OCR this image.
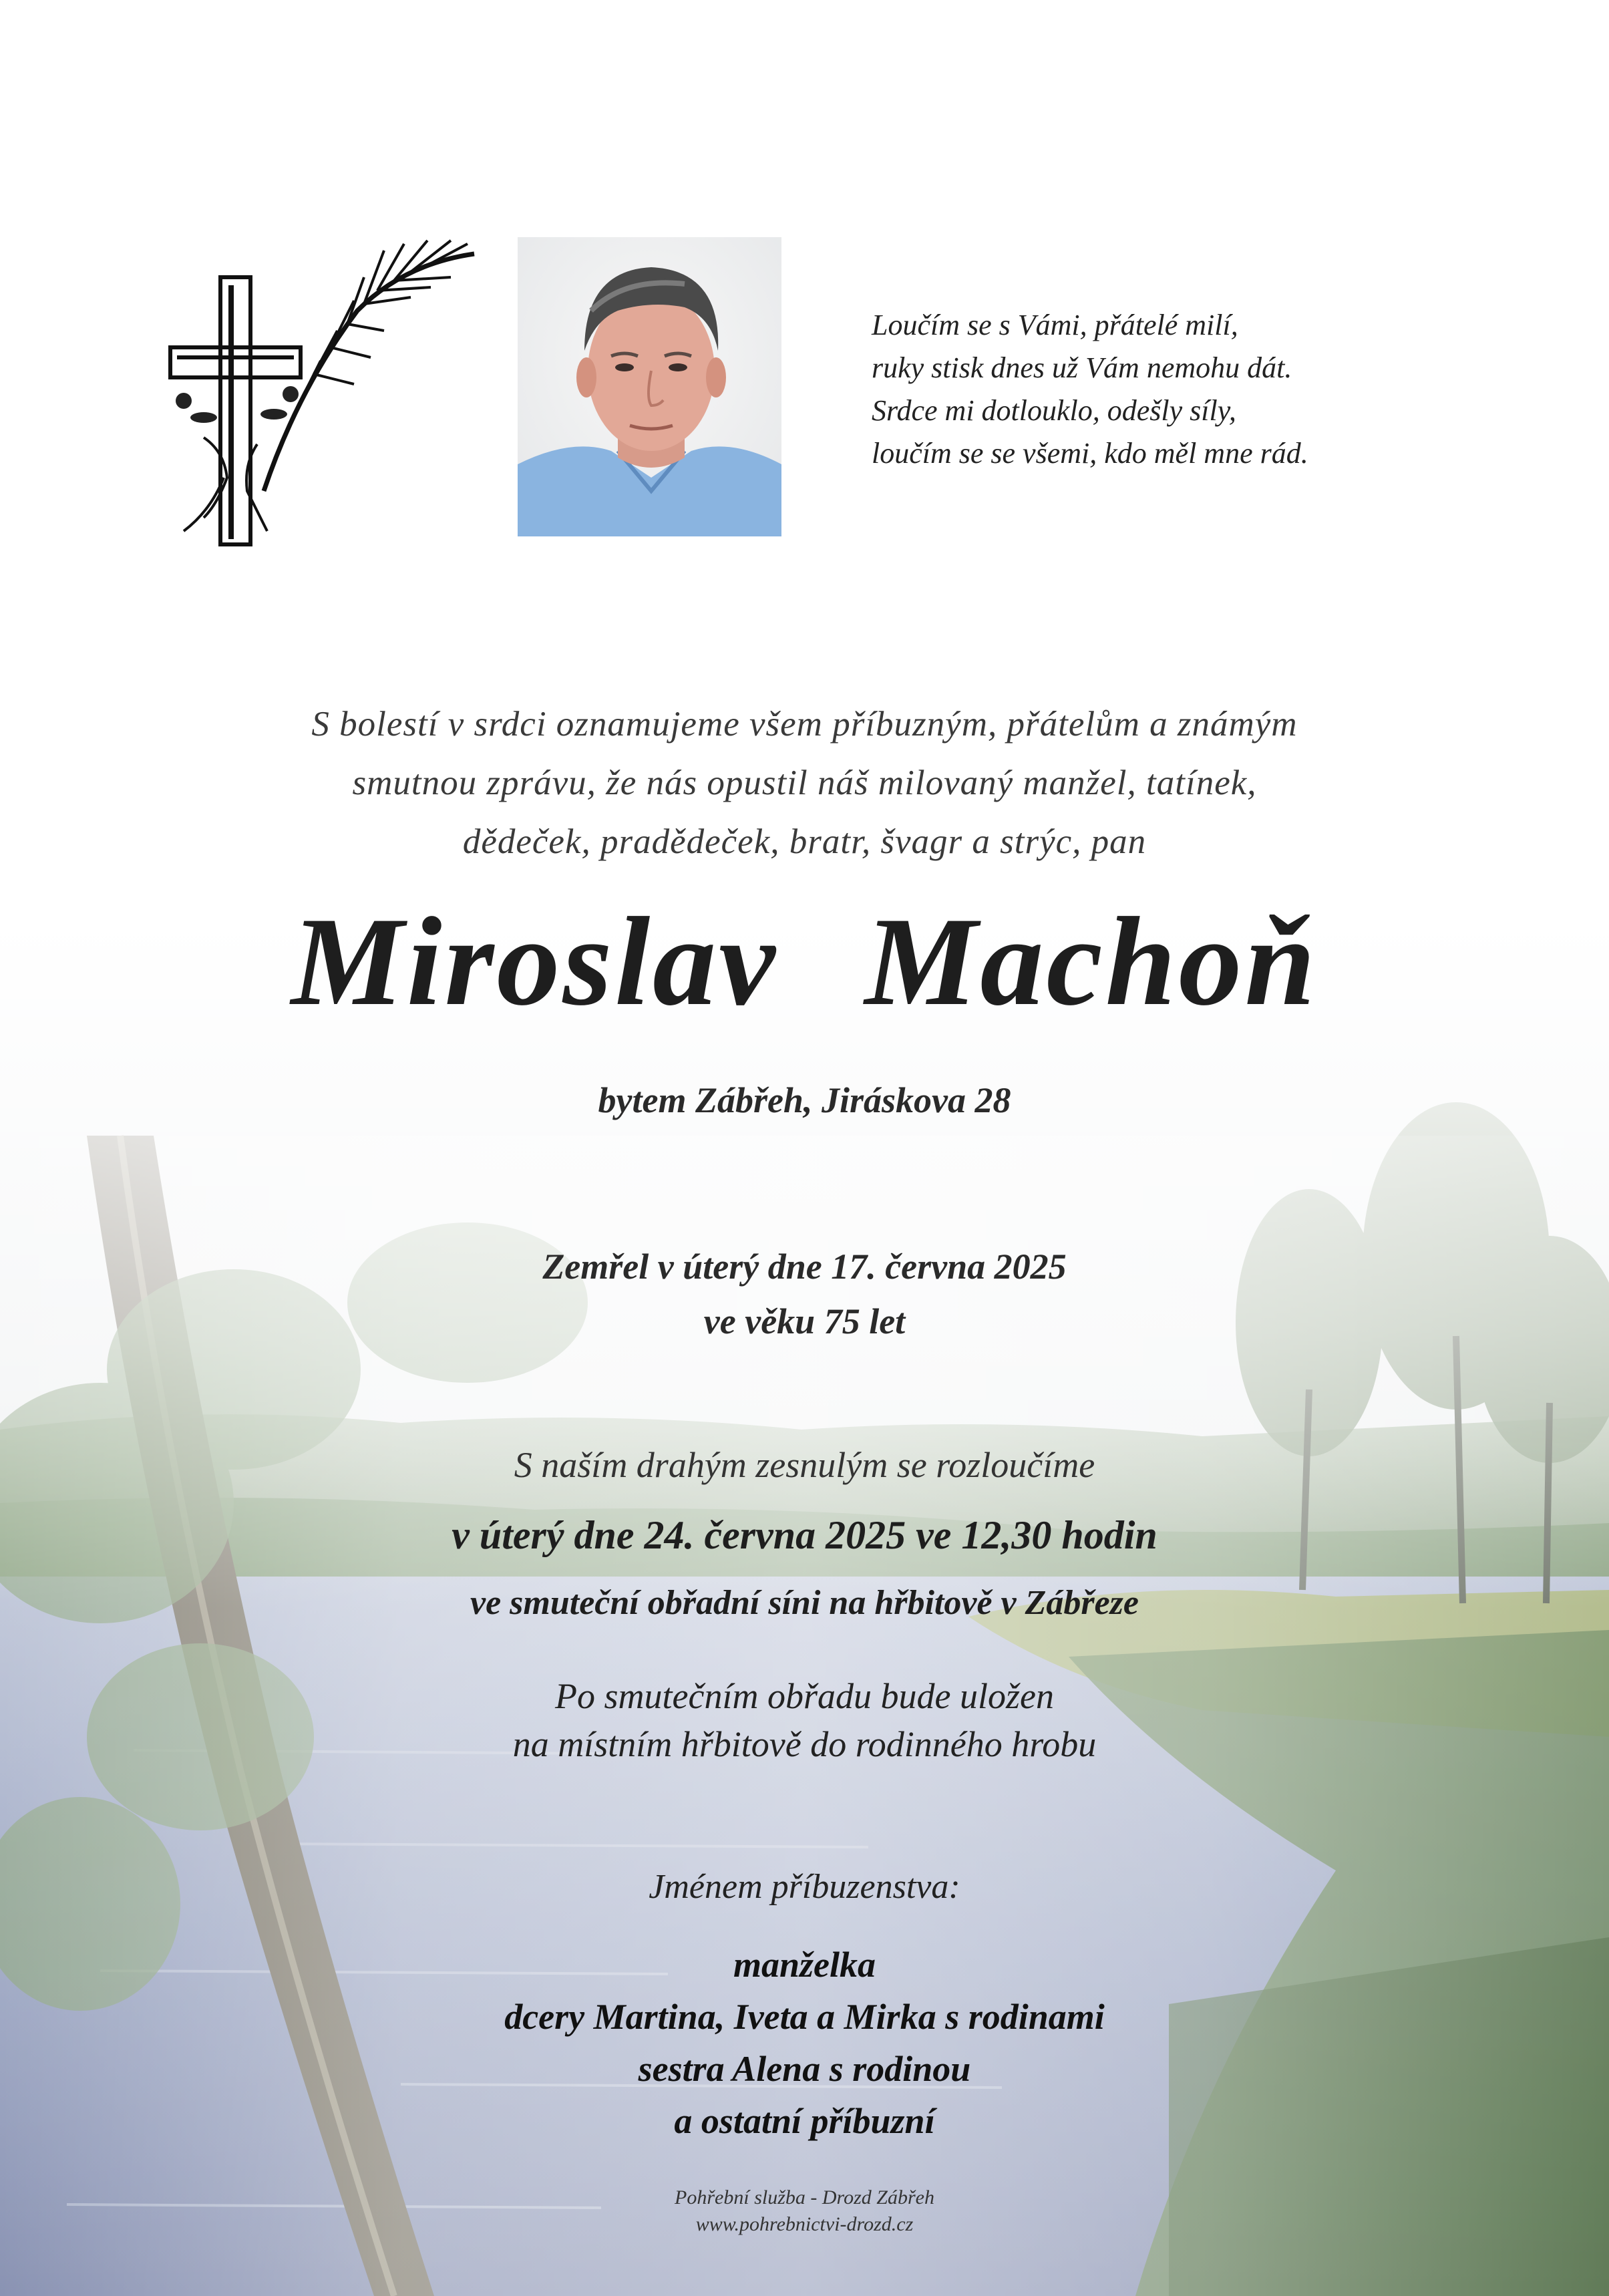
Loučím se s Vámi, přátelé milí,
ruky stisk dnes už Vám nemohu dát.
Srdce mi dotlouklo, odešly síly,
loučím se se všemi, kdo měl mne rád.
S bolestí v srdci oznamujeme všem příbuzným, přátelům a známým
smutnou zprávu, že nás opustil náš milovaný manžel, tatínek,
dědeček, pradědeček, bratr, švagr a strýc, pan
Miroslav Machoň
bytem Zábřeh, Jiráskova 28
Zemřel v úterý dne 17. června 2025
ve věku 75 let
S naším drahým zesnulým se rozloučíme
v úterý dne 24. června 2025 ve 12,30 hodin
ve smuteční obřadní síni na hřbitově v Zábřeze
Po smutečním obřadu bude uložen
na místním hřbitově do rodinného hrobu
Jménem příbuzenstva:
manželka
dcery Martina, Iveta a Mirka s rodinami
sestra Alena s rodinou
a ostatní příbuzní
Pohřební služba - Drozd Zábřeh
www.pohrebnictvi-drozd.cz
